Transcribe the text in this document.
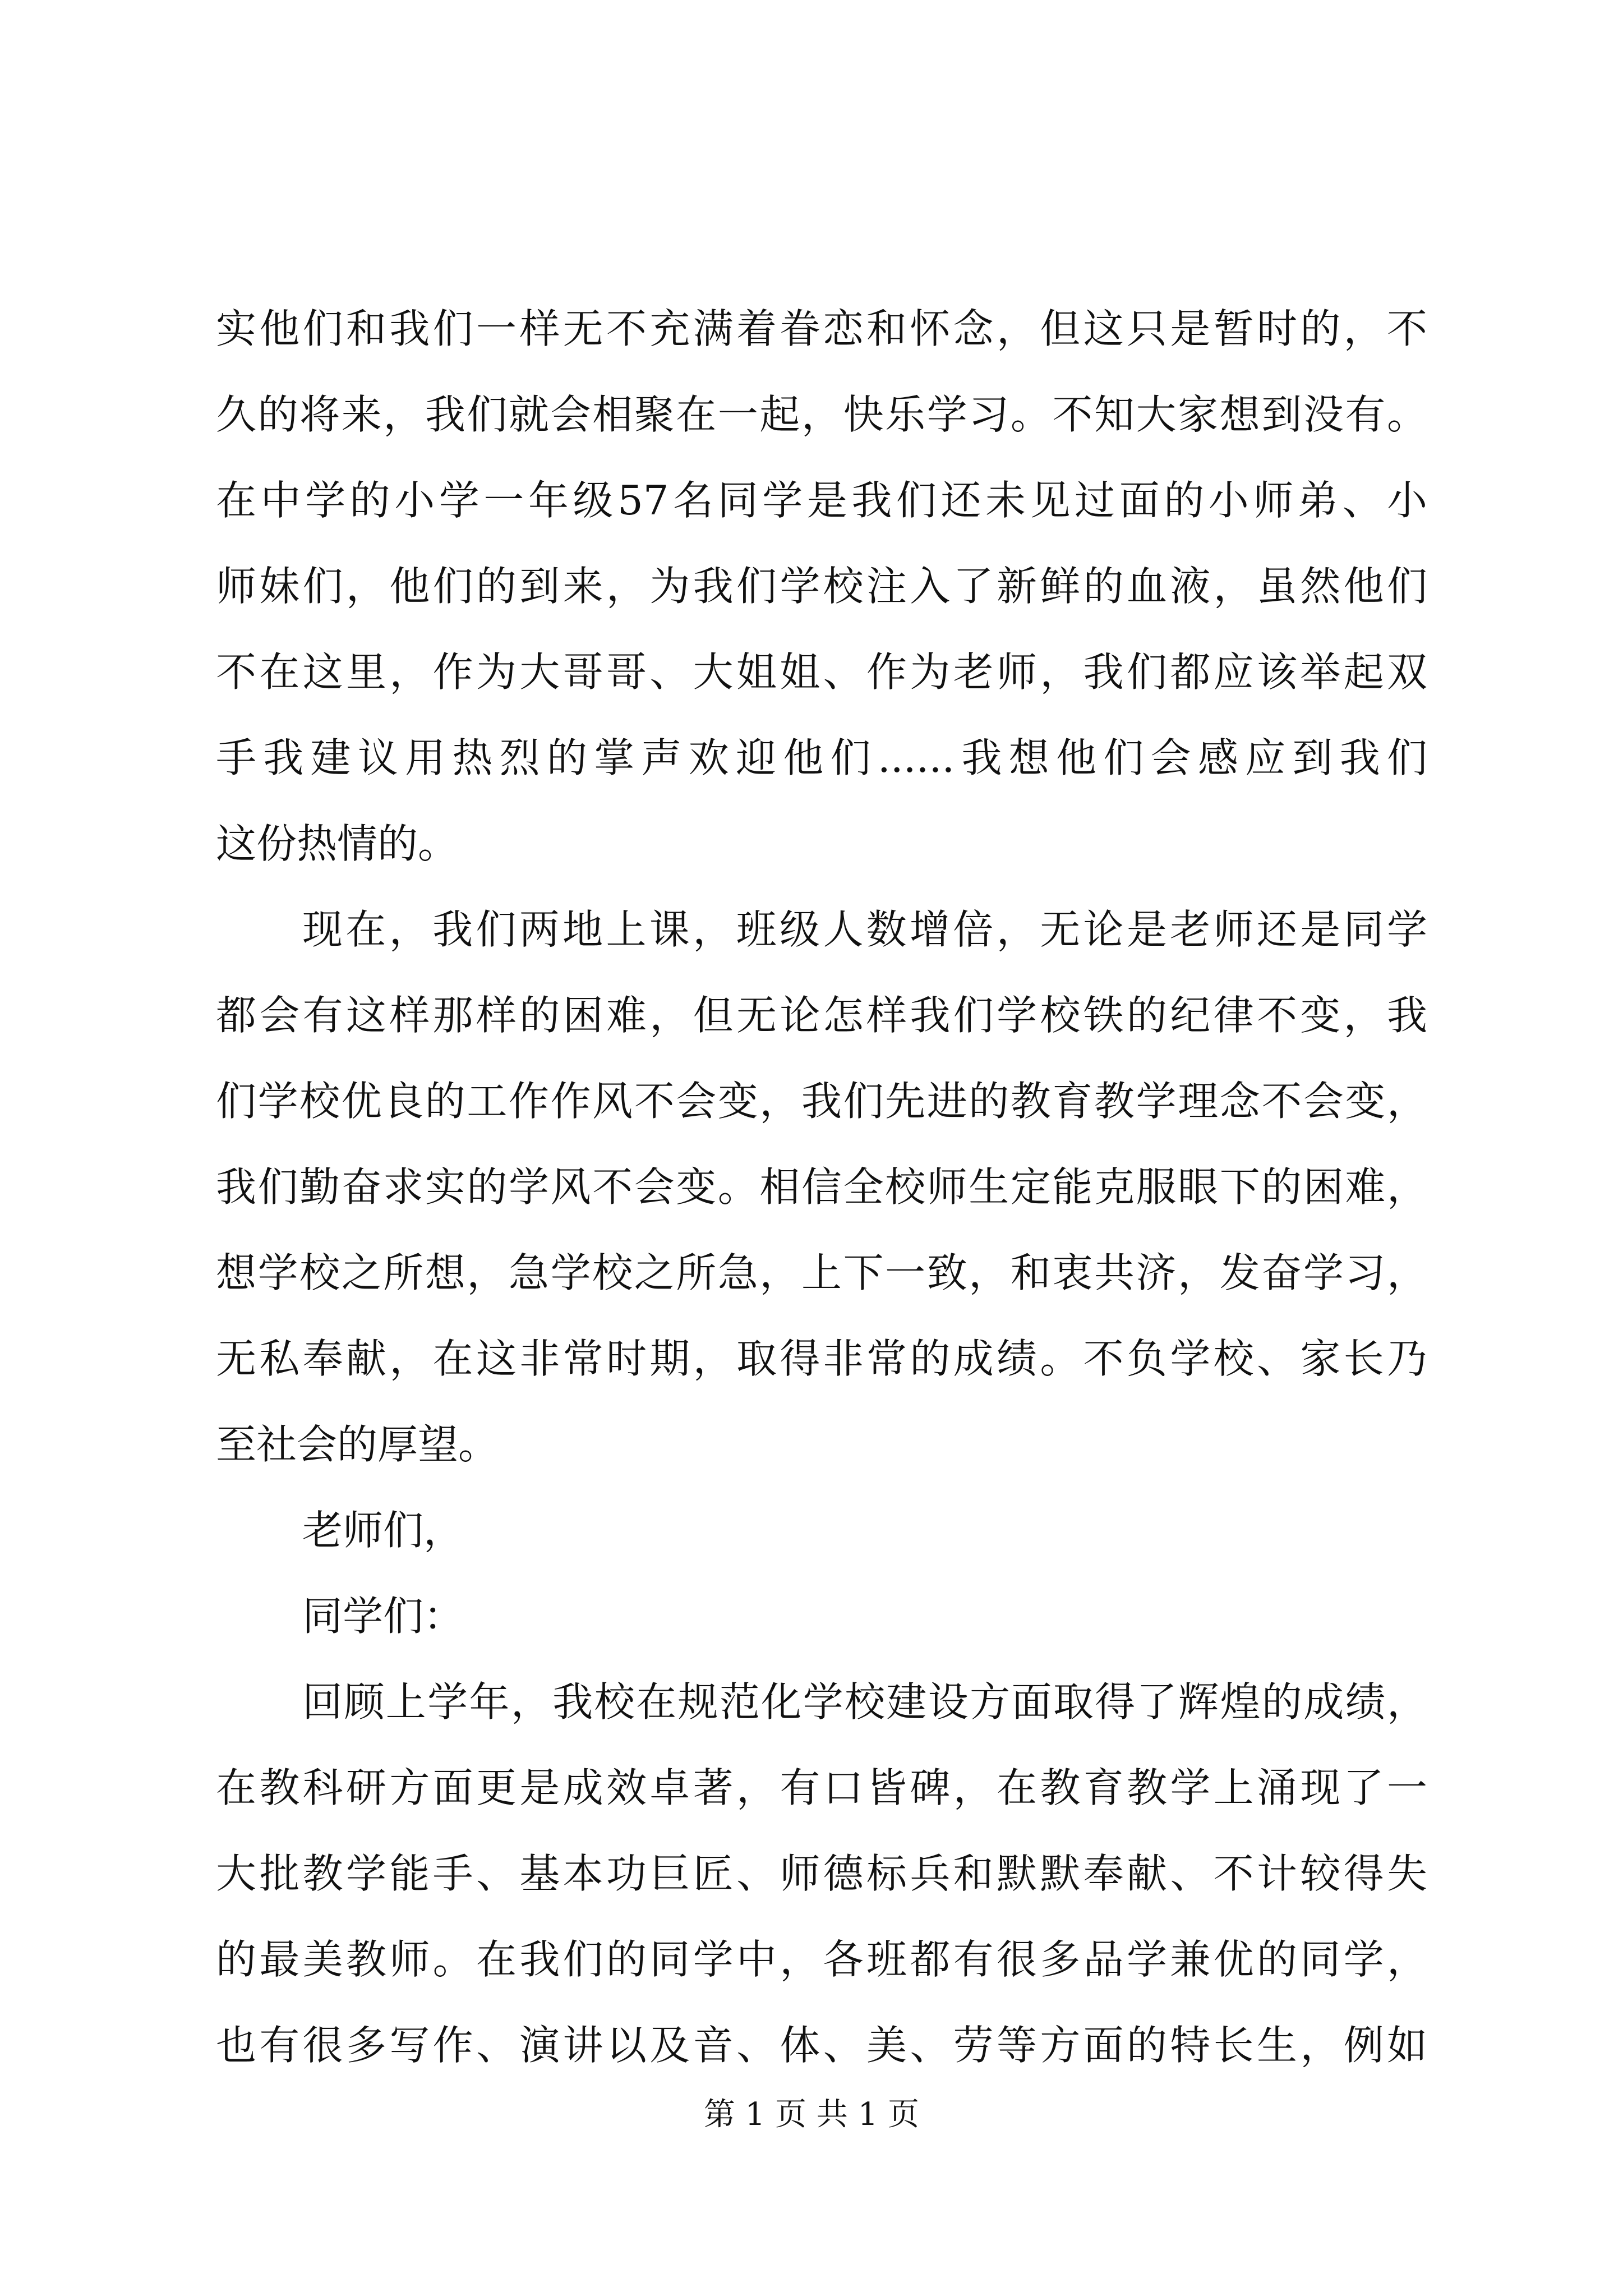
实他们和我们一样无不充满着眷恋和怀念，但这只是暂时的，不
久的将来，我们就会相聚在一起，快乐学习。不知大家想到没有。
在中学的小学一年级57名同学是我们还未见过面的小师弟、小
师妹们，他们的到来，为我们学校注入了新鲜的血液，虽然他们
不在这里，作为大哥哥、大姐姐、作为老师，我们都应该举起双
手我建议用热烈的掌声欢迎他们......我想他们会感应到我们
这份热情的。
现在，我们两地上课，班级人数增倍，无论是老师还是同学
都会有这样那样的困难，但无论怎样我们学校铁的纪律不变，我
们学校优良的工作作风不会变，我们先进的教育教学理念不会变，
我们勤奋求实的学风不会变。相信全校师生定能克服眼下的困难，
想学校之所想，急学校之所急，上下一致，和衷共济，发奋学习，
无私奉献，在这非常时期，取得非常的成绩。不负学校、家长乃
至社会的厚望。
老师们，
同学们：
回顾上学年，我校在规范化学校建设方面取得了辉煌的成绩，
在教科研方面更是成效卓著，有口皆碑，在教育教学上涌现了一
大批教学能手、基本功巨匠、师德标兵和默默奉献、不计较得失
的最美教师。在我们的同学中，各班都有很多品学兼优的同学，
也有很多写作、演讲以及音、体、美、劳等方面的特长生，例如
第 1 页 共 1 页
